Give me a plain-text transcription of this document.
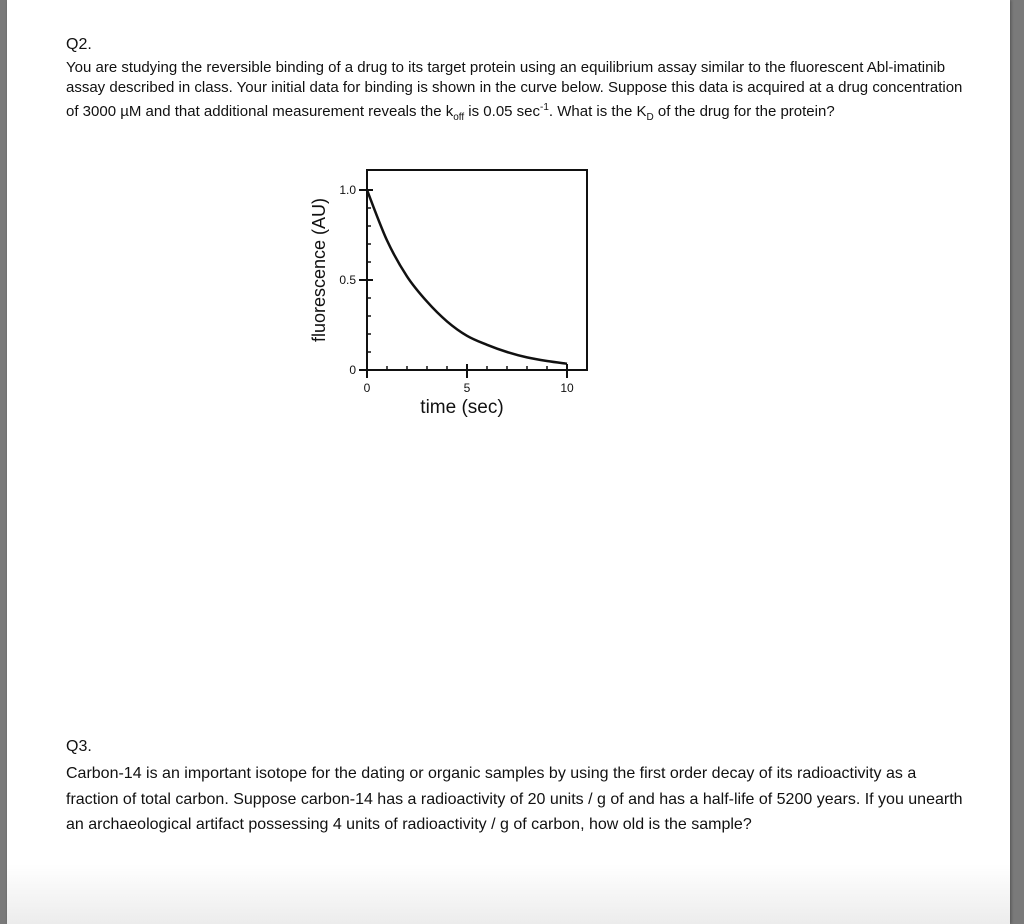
Q2.
You are studying the reversible binding of a drug to its target protein using an equilibrium assay similar to the fluorescent Abl-imatinib assay described in class. Your initial data for binding is shown in the curve below. Suppose this data is acquired at a drug concentration of 3000 µM and that additional measurement reveals the $k_{off}$ is 0.05 $\sec^{-1}$. What is the $K_D$ of the drug for the protein?
0
0.5
1.0
0	5	10
time (sec)
fluorescence (AU)
Q3.
Carbon-14 is an important isotope for the dating or organic samples by using the first order decay of its radioactivity as a fraction of total carbon. Suppose carbon-14 has a radioactivity of 20 units / g of and has a half-life of 5200 years. If you unearth an archaeological artifact possessing 4 units of radioactivity / g of carbon, how old is the sample?
